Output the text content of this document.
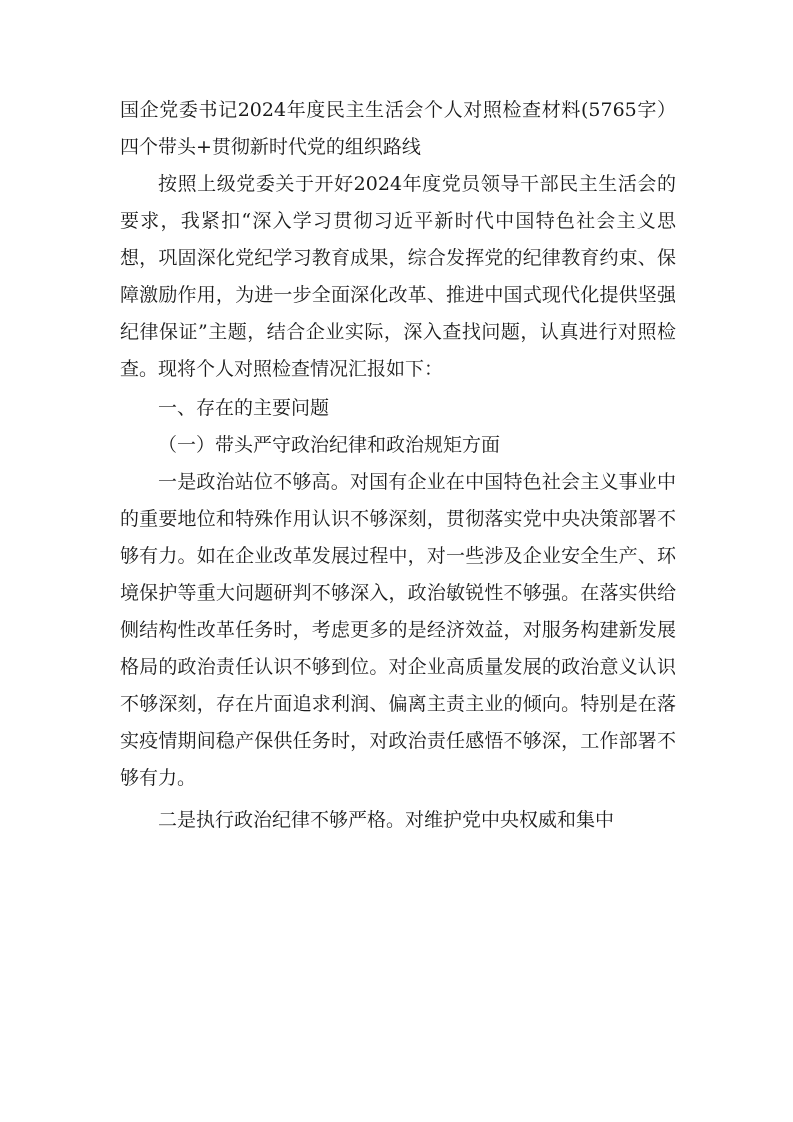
国企党委书记2024年度民主生活会个人对照检查材料(5765字）四个带头+贯彻新时代党的组织路线

按照上级党委关于开好2024年度党员领导干部民主生活会的要求，我紧扣“深入学习贯彻习近平新时代中国特色社会主义思想，巩固深化党纪学习教育成果，综合发挥党的纪律教育约束、保障激励作用，为进一步全面深化改革、推进中国式现代化提供坚强纪律保证”主题，结合企业实际，深入查找问题，认真进行对照检查。现将个人对照检查情况汇报如下：

一、存在的主要问题

（一）带头严守政治纪律和政治规矩方面

一是政治站位不够高。对国有企业在中国特色社会主义事业中的重要地位和特殊作用认识不够深刻，贯彻落实党中央决策部署不够有力。如在企业改革发展过程中，对一些涉及企业安全生产、环境保护等重大问题研判不够深入，政治敏锐性不够强。在落实供给侧结构性改革任务时，考虑更多的是经济效益，对服务构建新发展格局的政治责任认识不够到位。对企业高质量发展的政治意义认识不够深刻，存在片面追求利润、偏离主责主业的倾向。特别是在落实疫情期间稳产保供任务时，对政治责任感悟不够深，工作部署不够有力。

二是执行政治纪律不够严格。对维护党中央权威和集中
